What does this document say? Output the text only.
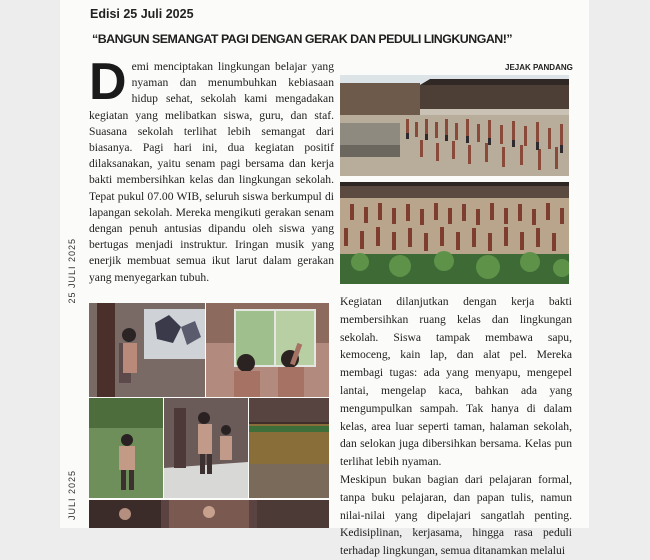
25 JULI 2025
JULI 2025
Edisi 25 Juli 2025
“BANGUN SEMANGAT PAGI DENGAN GERAK DAN PEDULI LINGKUNGAN!”
Demi menciptakan lingkungan belajar yang nyaman dan menumbuhkan kebiasaan hidup sehat, sekolah kami mengadakan kegiatan yang melibatkan siswa, guru, dan staf. Suasana sekolah terlihat lebih semangat dari biasanya. Pagi hari ini, dua kegiatan positif dilaksanakan, yaitu senam pagi bersama dan kerja bakti membersihkan kelas dan lingkungan sekolah. Tepat pukul 07.00 WIB, seluruh siswa berkumpul di lapangan sekolah. Mereka mengikuti gerakan senam dengan penuh antusias dipandu oleh siswa yang bertugas menjadi instruktur. Iringan musik yang enerjik membuat semua ikut larut dalam gerakan yang menyegarkan tubuh.
JEJAK PANDANG

Kegiatan dilanjutkan dengan kerja bakti membersihkan ruang kelas dan lingkungan sekolah. Siswa tampak membawa sapu, kemoceng, kain lap, dan alat pel. Mereka membagi tugas: ada yang menyapu, mengepel lantai, mengelap kaca, bahkan ada yang mengumpulkan sampah. Tak hanya di dalam kelas, area luar seperti taman, halaman sekolah, dan selokan juga dibersihkan bersama. Kelas pun terlihat lebih nyaman.

Meskipun bukan bagian dari pelajaran formal, tanpa buku pelajaran, dan papan tulis, namun nilai-nilai yang dipelajari sangatlah penting. Kedisiplinan, kerjasama, hingga rasa peduli terhadap lingkungan, semua ditanamkan melalui
